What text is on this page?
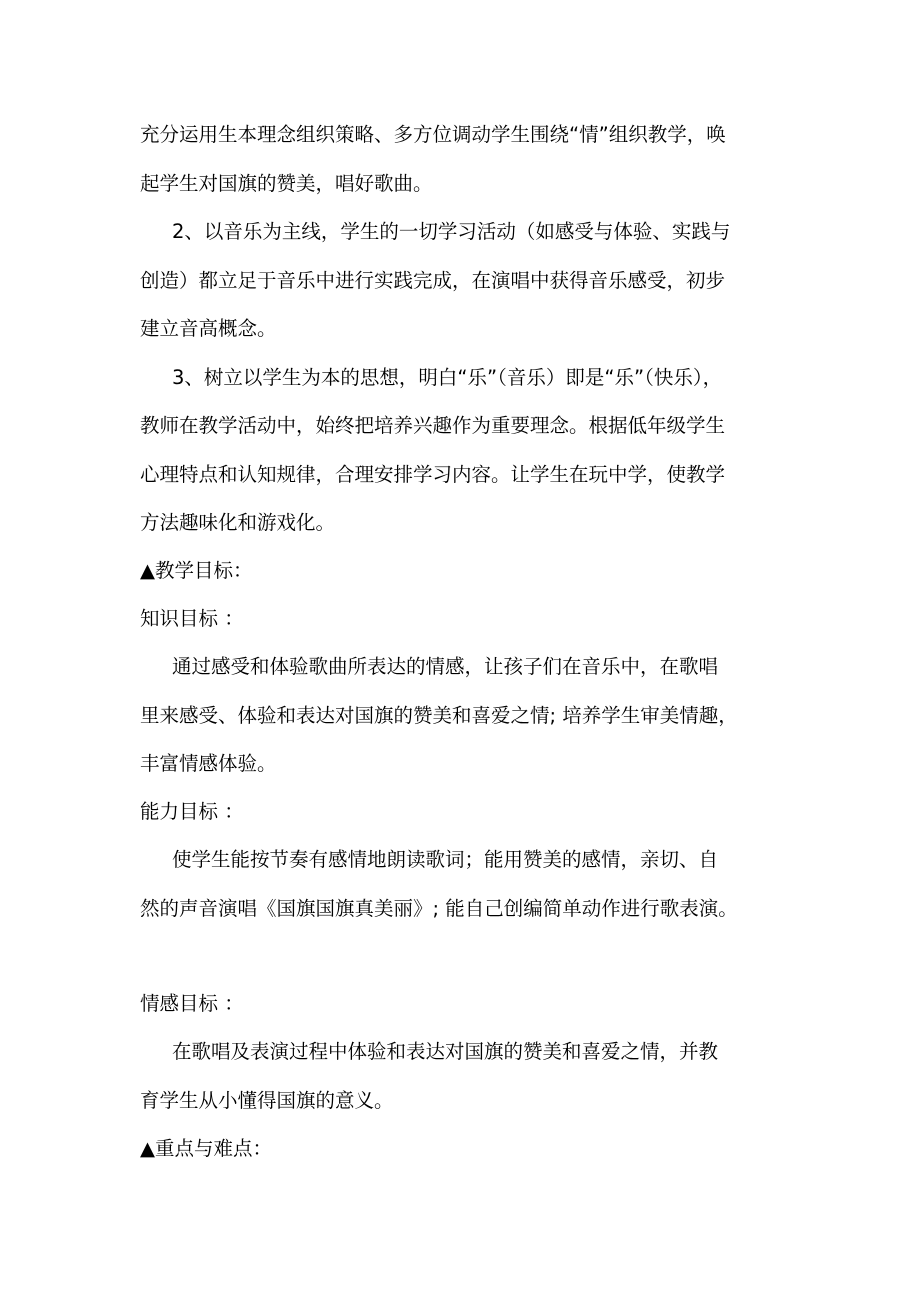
充分运用生本理念组织策略、多方位调动学生围绕“情”组织教学，唤
起学生对国旗的赞美，唱好歌曲。
2、以音乐为主线，学生的一切学习活动（如感受与体验、实践与
创造）都立足于音乐中进行实践完成，在演唱中获得音乐感受，初步
建立音高概念。
3、树立以学生为本的思想，明白“乐”（音乐）即是“乐”（快乐），
教师在教学活动中，始终把培养兴趣作为重要理念。根据低年级学生
心理特点和认知规律，合理安排学习内容。让学生在玩中学，使教学
方法趣味化和游戏化。
▲教学目标：
知识目标 ：
通过感受和体验歌曲所表达的情感，让孩子们在音乐中，在歌唱
里来感受、体验和表达对国旗的赞美和喜爱之情; 培养学生审美情趣，
丰富情感体验。
能力目标 ：
使学生能按节奏有感情地朗读歌词；能用赞美的感情，亲切、自
然的声音演唱《国旗国旗真美丽》; 能自己创编简单动作进行歌表演。
情感目标 ：
在歌唱及表演过程中体验和表达对国旗的赞美和喜爱之情，并教
育学生从小懂得国旗的意义。
▲重点与难点：
